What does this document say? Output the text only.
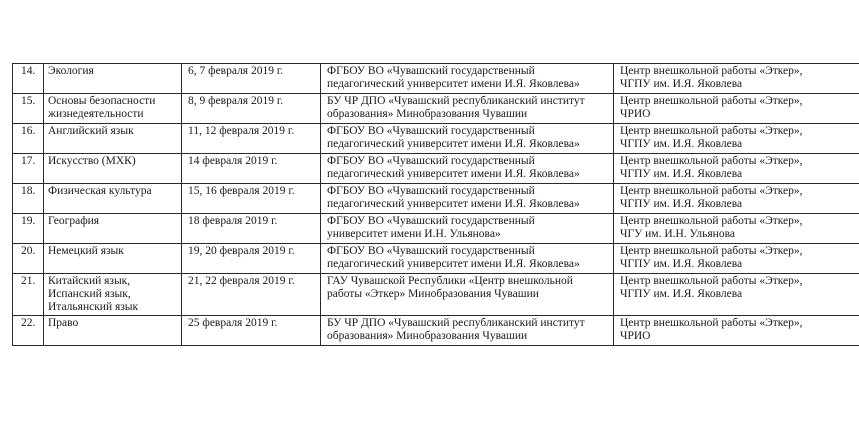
14.	Экология	6, 7 февраля 2019 г.	ФГБОУ ВО «Чувашский государственный
педагогический университет имени И.Я. Яковлева»	Центр внешкольной работы «Эткер»,
ЧГПУ им. И.Я. Яковлева

15.	Основы безопасности
жизнедеятельности	8, 9 февраля 2019 г.	БУ ЧР ДПО «Чувашский республиканский институт
образования» Минобразования Чувашии	Центр внешкольной работы «Эткер»,
ЧРИО

16.	Английский язык	11, 12 февраля 2019 г.	ФГБОУ ВО «Чувашский государственный
педагогический университет имени И.Я. Яковлева»	Центр внешкольной работы «Эткер»,
ЧГПУ им. И.Я. Яковлева

17.	Искусство (МХК)	14 февраля 2019 г.	ФГБОУ ВО «Чувашский государственный
педагогический университет имени И.Я. Яковлева»	Центр внешкольной работы «Эткер»,
ЧГПУ им. И.Я. Яковлева

18.	Физическая культура	15, 16 февраля 2019 г.	ФГБОУ ВО «Чувашский государственный
педагогический университет имени И.Я. Яковлева»	Центр внешкольной работы «Эткер»,
ЧГПУ им. И.Я. Яковлева

19.	География	18 февраля 2019 г.	ФГБОУ ВО «Чувашский государственный
университет имени И.Н. Ульянова»	Центр внешкольной работы «Эткер»,
ЧГУ им. И.Н. Ульянова

20.	Немецкий язык	19, 20 февраля 2019 г.	ФГБОУ ВО «Чувашский государственный
педагогический университет имени И.Я. Яковлева»	Центр внешкольной работы «Эткер»,
ЧГПУ им. И.Я. Яковлева

21.	Китайский язык,
Испанский язык,
Итальянский язык	21, 22 февраля 2019 г.	ГАУ Чувашской Республики «Центр внешкольной
работы «Эткер» Минобразования Чувашии	Центр внешкольной работы «Эткер»,
ЧГПУ им. И.Я. Яковлева

22.	Право	25 февраля 2019 г.	БУ ЧР ДПО «Чувашский республиканский институт
образования» Минобразования Чувашии	Центр внешкольной работы «Эткер»,
ЧРИО
